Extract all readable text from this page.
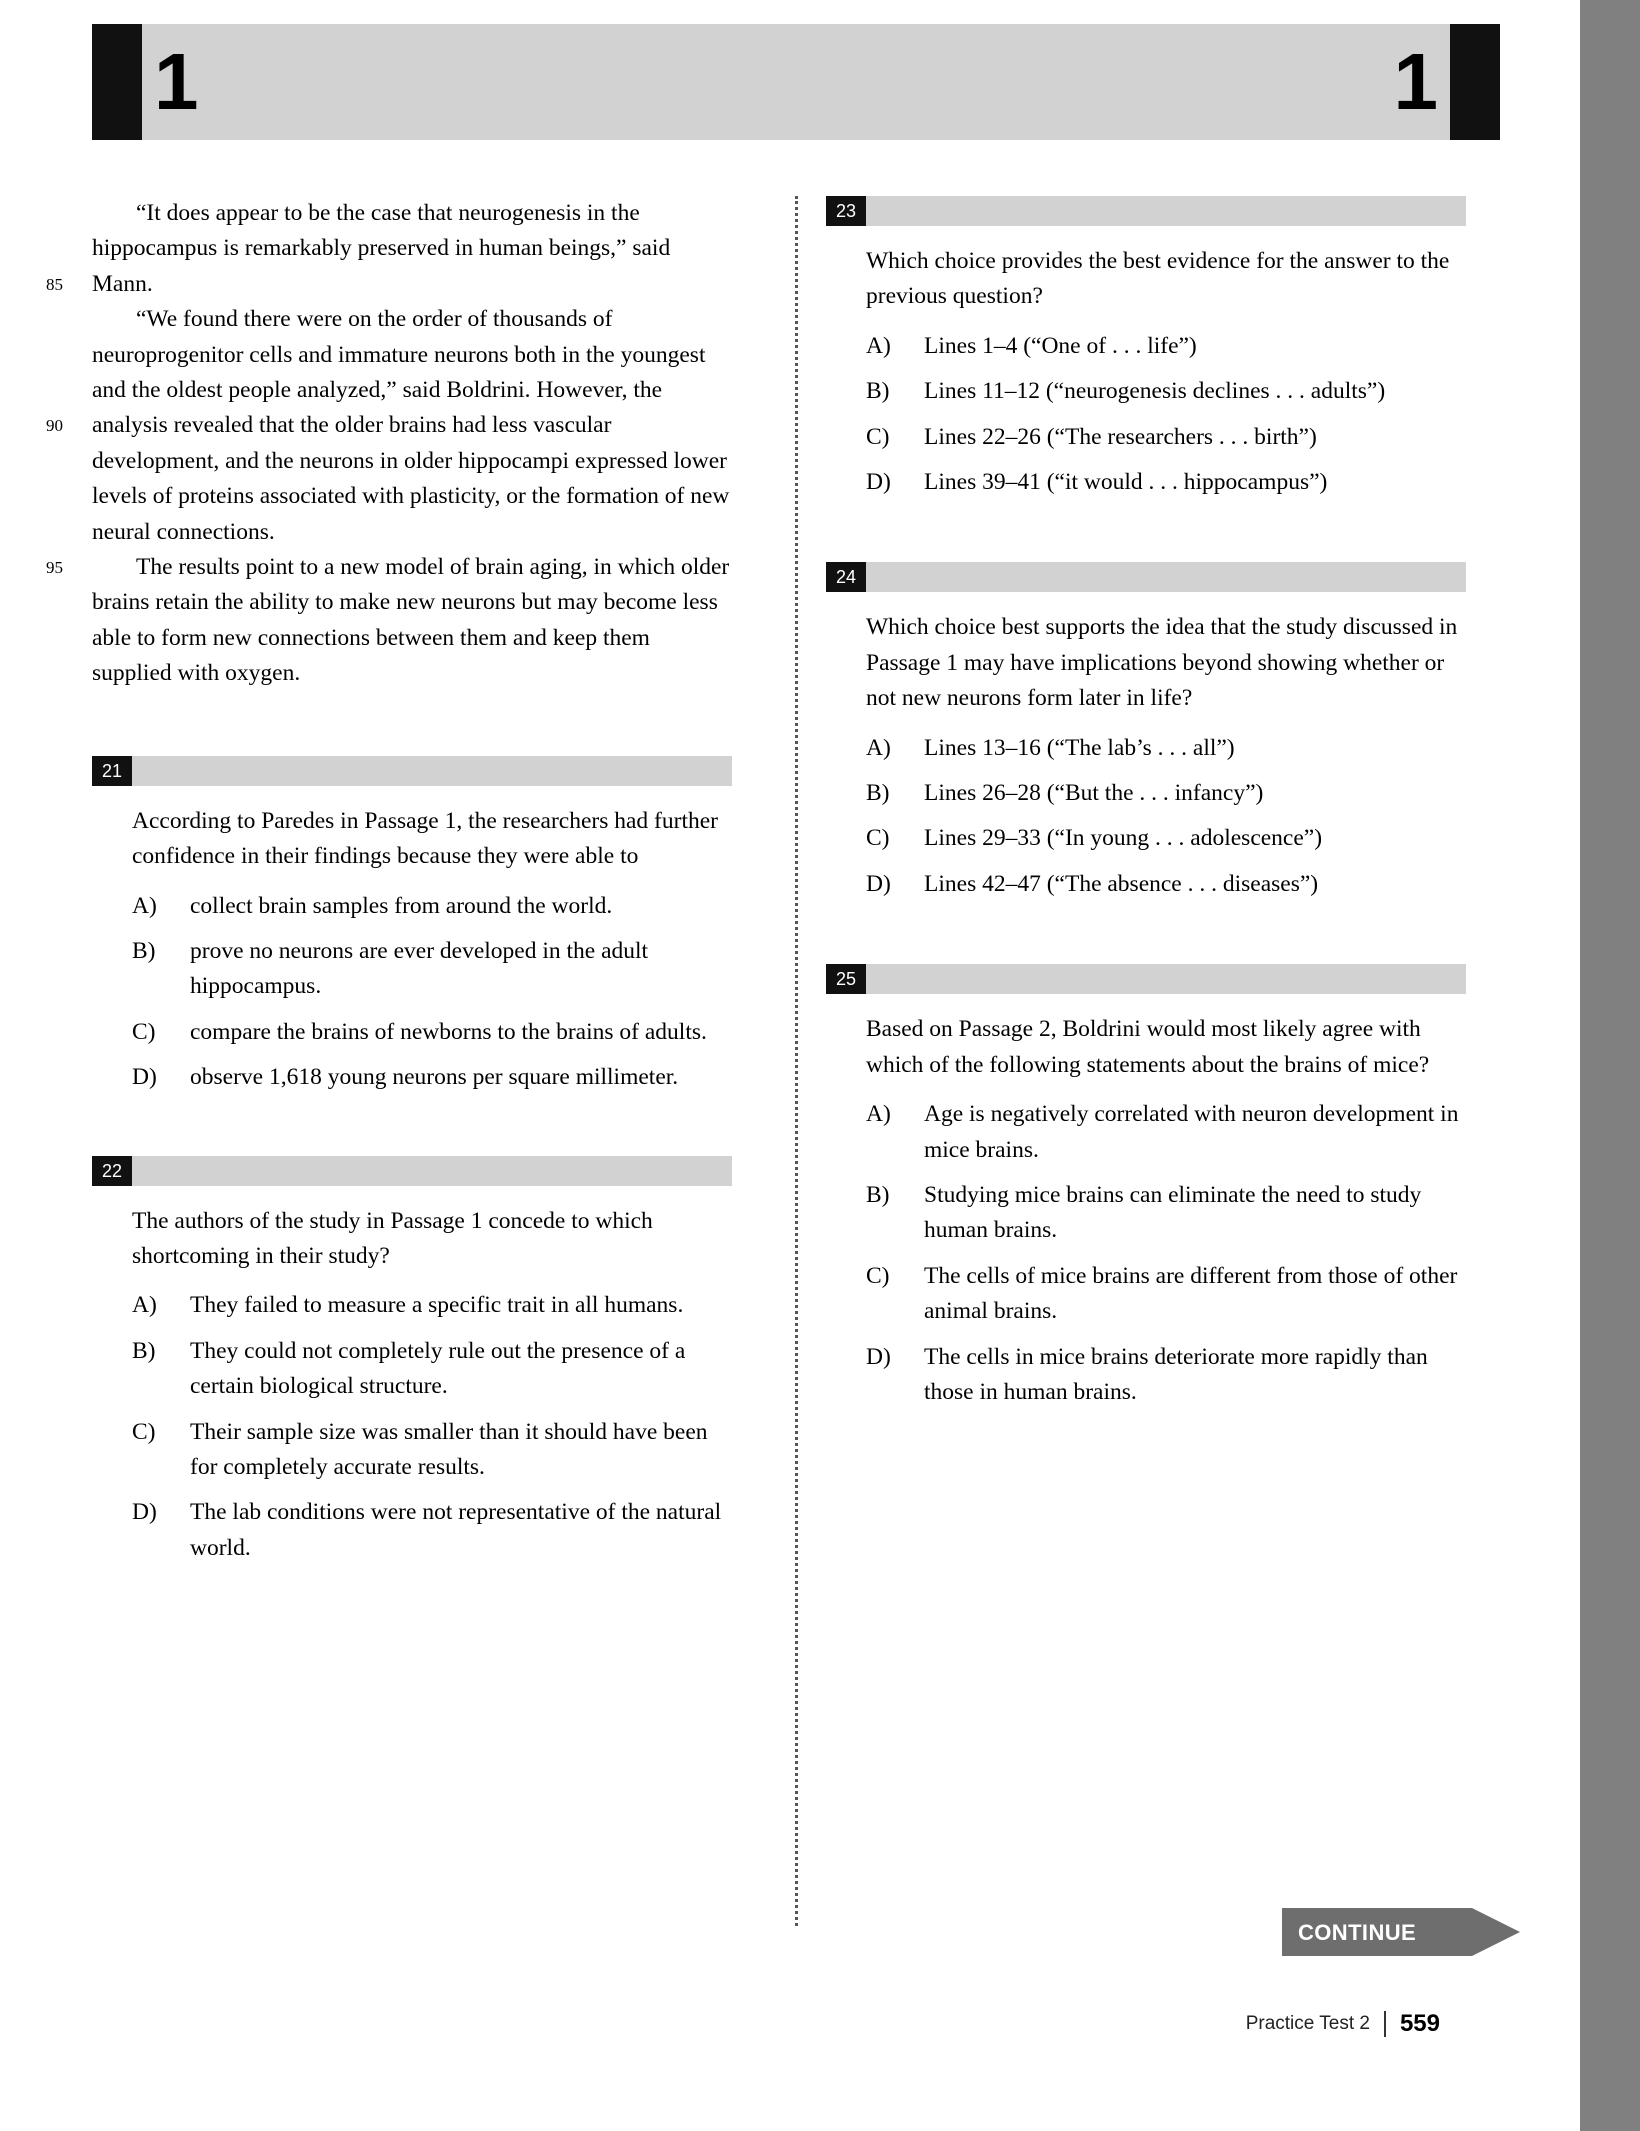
1	1
85
90
95

“It does appear to be the case that neurogenesis in the hippocampus is remarkably preserved in human beings,” said Mann.

“We found there were on the order of thousands of neuroprogenitor cells and immature neurons both in the youngest and the oldest people analyzed,” said Boldrini. However, the analysis revealed that the older brains had less vascular development, and the neurons in older hippocampi expressed lower levels of proteins associated with plasticity, or the formation of new neural connections.

The results point to a new model of brain aging, in which older brains retain the ability to make new neurons but may become less able to form new connections between them and keep them supplied with oxygen.

21

According to Paredes in Passage 1, the researchers had further confidence in their findings because they were able to

A) collect brain samples from around the world.
B) prove no neurons are ever developed in the adult hippocampus.
C) compare the brains of newborns to the brains of adults.
D) observe 1,618 young neurons per square millimeter.
22

The authors of the study in Passage 1 concede to which shortcoming in their study?

A) They failed to measure a specific trait in all humans.
B) They could not completely rule out the presence of a certain biological structure.
C) Their sample size was smaller than it should have been for completely accurate results.
D) The lab conditions were not representative of the natural world.
23

Which choice provides the best evidence for the answer to the previous question?

A) Lines 1–4 (“One of . . . life”)
B) Lines 11–12 (“neurogenesis declines . . . adults”)
C) Lines 22–26 (“The researchers . . . birth”)
D) Lines 39–41 (“it would . . . hippocampus”)
24

Which choice best supports the idea that the study discussed in Passage 1 may have implications beyond showing whether or not new neurons form later in life?

A) Lines 13–16 (“The lab’s . . . all”)
B) Lines 26–28 (“But the . . . infancy”)
C) Lines 29–33 (“In young . . . adolescence”)
D) Lines 42–47 (“The absence . . . diseases”)
25

Based on Passage 2, Boldrini would most likely agree with which of the following statements about the brains of mice?

A) Age is negatively correlated with neuron development in mice brains.
B) Studying mice brains can eliminate the need to study human brains.
C) The cells of mice brains are different from those of other animal brains.
D) The cells in mice brains deteriorate more rapidly than those in human brains.
CONTINUE
Practice Test 2 559
